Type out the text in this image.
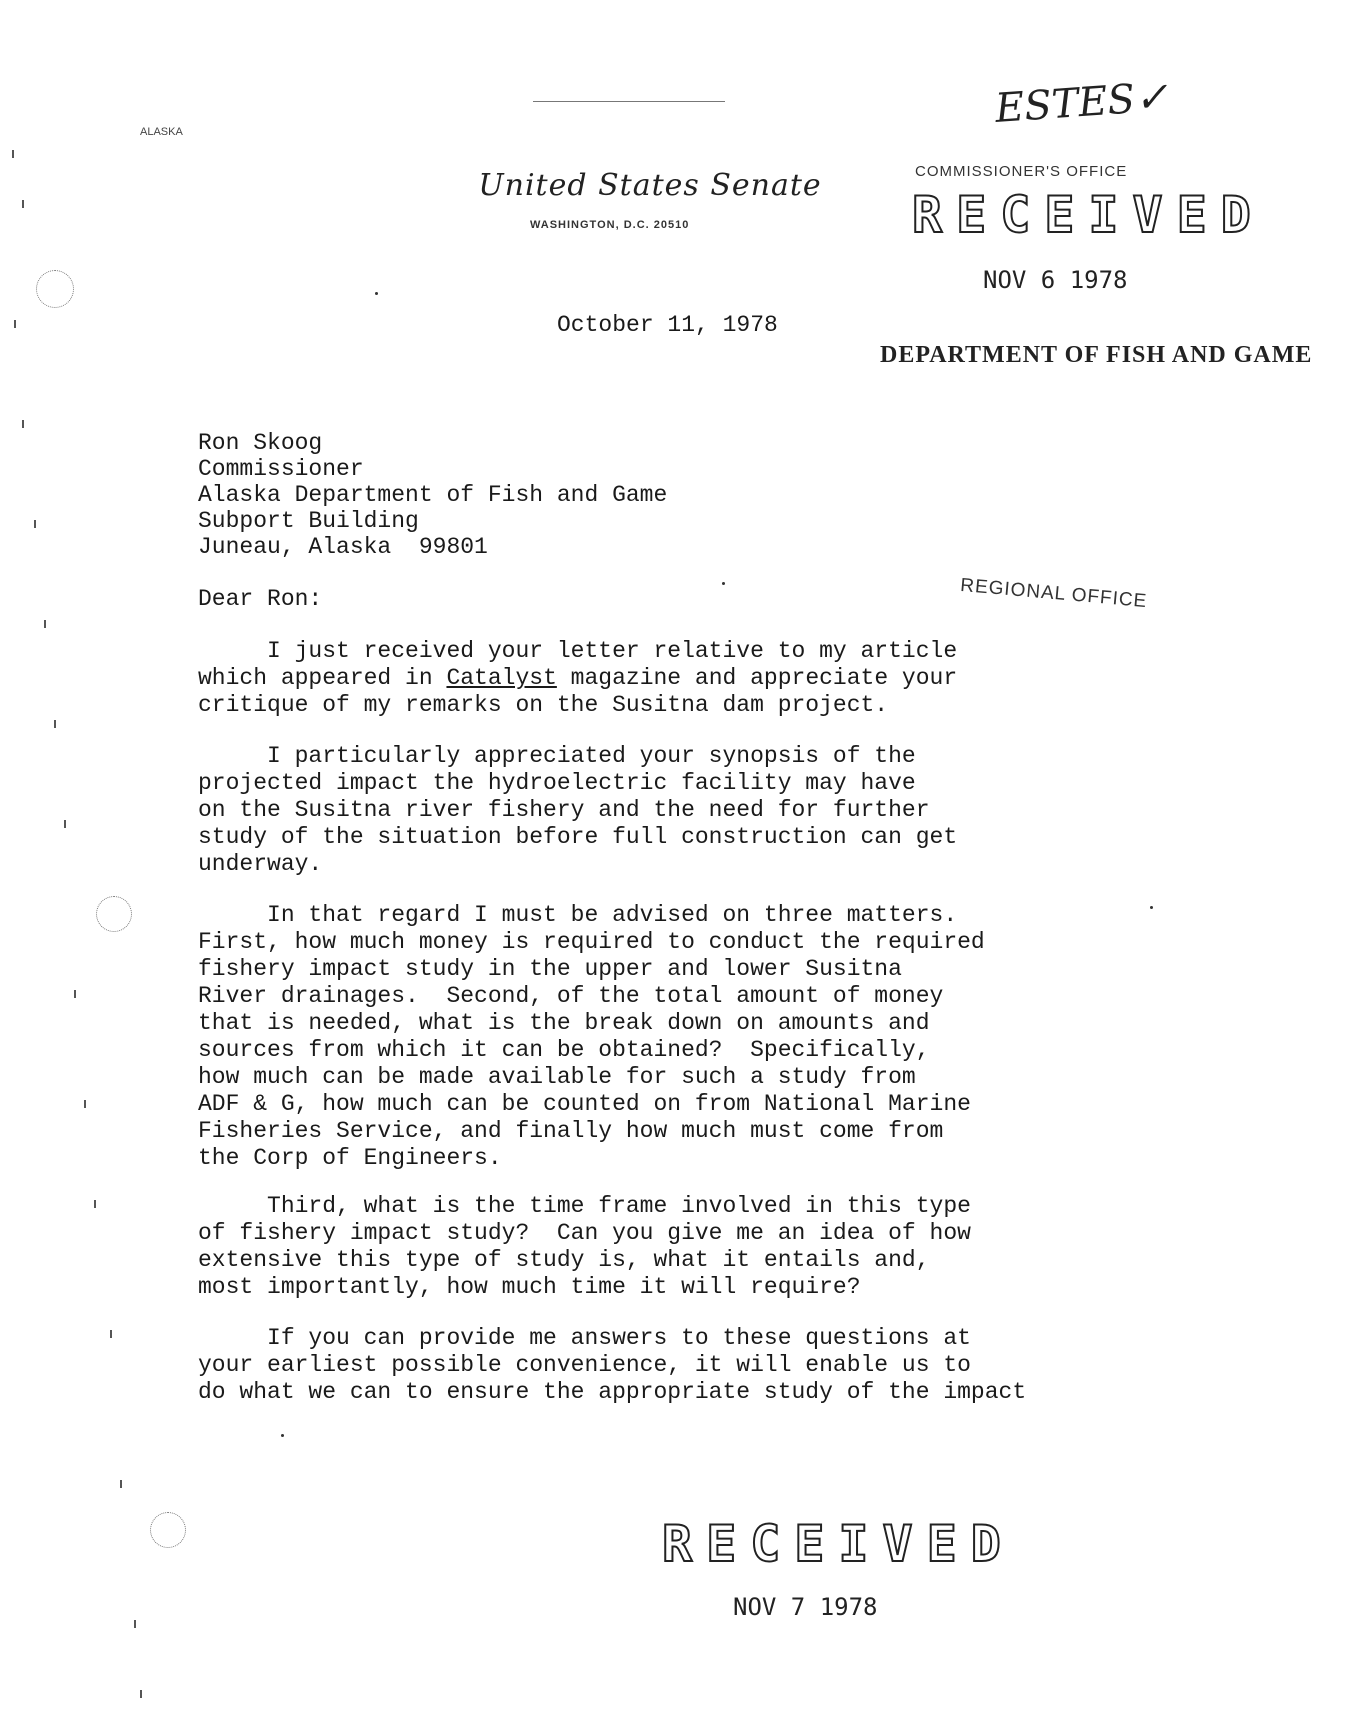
ALASKA
ESTES✓
United States Senate
WASHINGTON, D.C. 20510
COMMISSIONER'S OFFICE
RECEIVED
NOV 6 1978
DEPARTMENT OF FISH AND GAME
REGIONAL OFFICE
October 11, 1978
Ron Skoog
Commissioner
Alaska Department of Fish and Game
Subport Building
Juneau, Alaska  99801
Dear Ron:
I just received your letter relative to my article
which appeared in Catalyst magazine and appreciate your
critique of my remarks on the Susitna dam project.
I particularly appreciated your synopsis of the
projected impact the hydroelectric facility may have
on the Susitna river fishery and the need for further
study of the situation before full construction can get
underway.
In that regard I must be advised on three matters.
First, how much money is required to conduct the required
fishery impact study in the upper and lower Susitna
River drainages.  Second, of the total amount of money
that is needed, what is the break down on amounts and
sources from which it can be obtained?  Specifically,
how much can be made available for such a study from
ADF & G, how much can be counted on from National Marine
Fisheries Service, and finally how much must come from
the Corp of Engineers.
Third, what is the time frame involved in this type
of fishery impact study?  Can you give me an idea of how
extensive this type of study is, what it entails and,
most importantly, how much time it will require?
If you can provide me answers to these questions at
your earliest possible convenience, it will enable us to
do what we can to ensure the appropriate study of the impact
RECEIVED
NOV 7 1978
